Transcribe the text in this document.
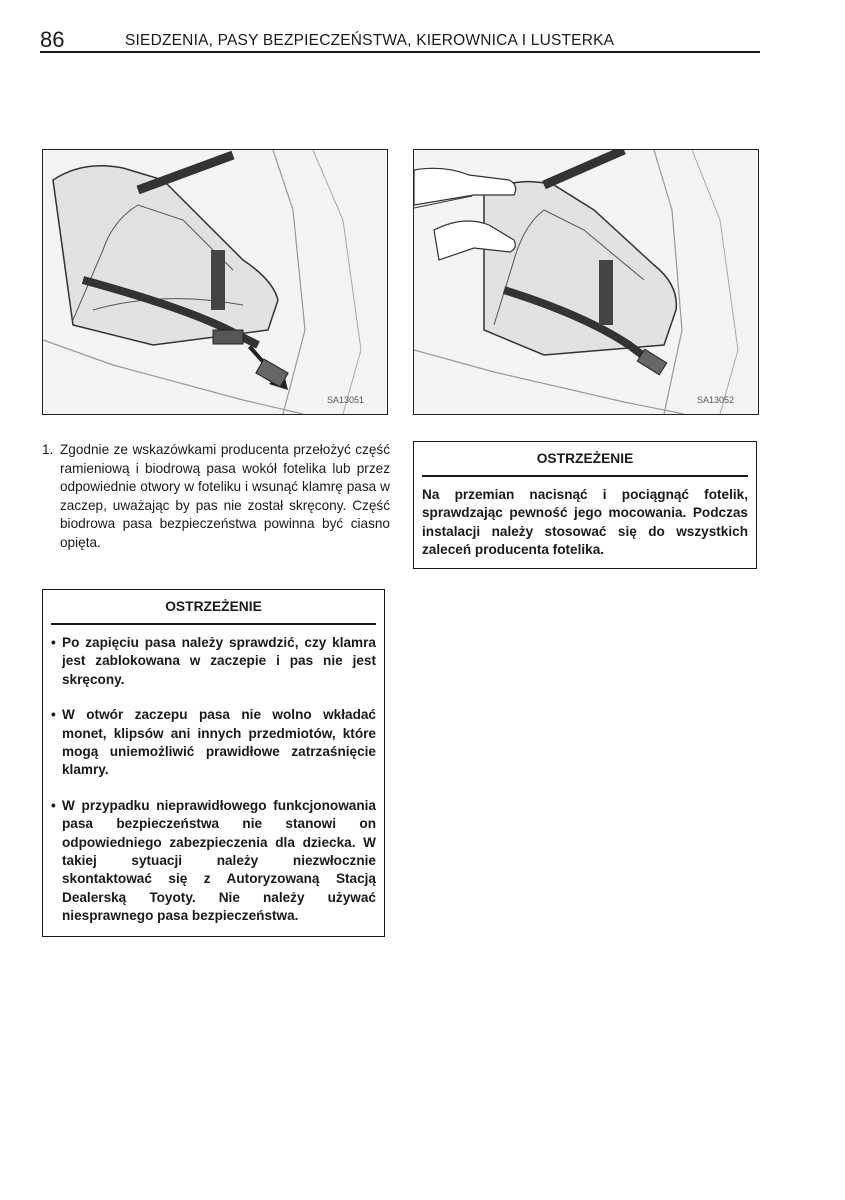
86	SIEDZENIA, PASY BEZPIECZEŃSTWA, KIEROWNICA I LUSTERKA
SA13051	SA13052
1. Zgodnie ze wskazówkami producenta przełożyć część ramieniową i biodrową pasa wokół fotelika lub przez odpowiednie otwory w foteliku i wsunąć klamrę pasa w zaczep, uważając by pas nie został skręcony. Część biodrowa pasa bezpieczeństwa powinna być ciasno opięta.
OSTRZEŻENIE
• Po zapięciu pasa należy sprawdzić, czy klamra jest zablokowana w zaczepie i pas nie jest skręcony.
• W otwór zaczepu pasa nie wolno wkładać monet, klipsów ani innych przedmiotów, które mogą uniemożliwić prawidłowe zatrzaśnięcie klamry.
• W przypadku nieprawidłowego funkcjonowania pasa bezpieczeństwa nie stanowi on odpowiedniego zabezpieczenia dla dziecka. W takiej sytuacji należy niezwłocznie skontaktować się z Autoryzowaną Stacją Dealerską Toyoty. Nie należy używać niesprawnego pasa bezpieczeństwa.
OSTRZEŻENIE
Na przemian nacisnąć i pociągnąć fotelik, sprawdzając pewność jego mocowania. Podczas instalacji należy stosować się do wszystkich zaleceń producenta fotelika.
